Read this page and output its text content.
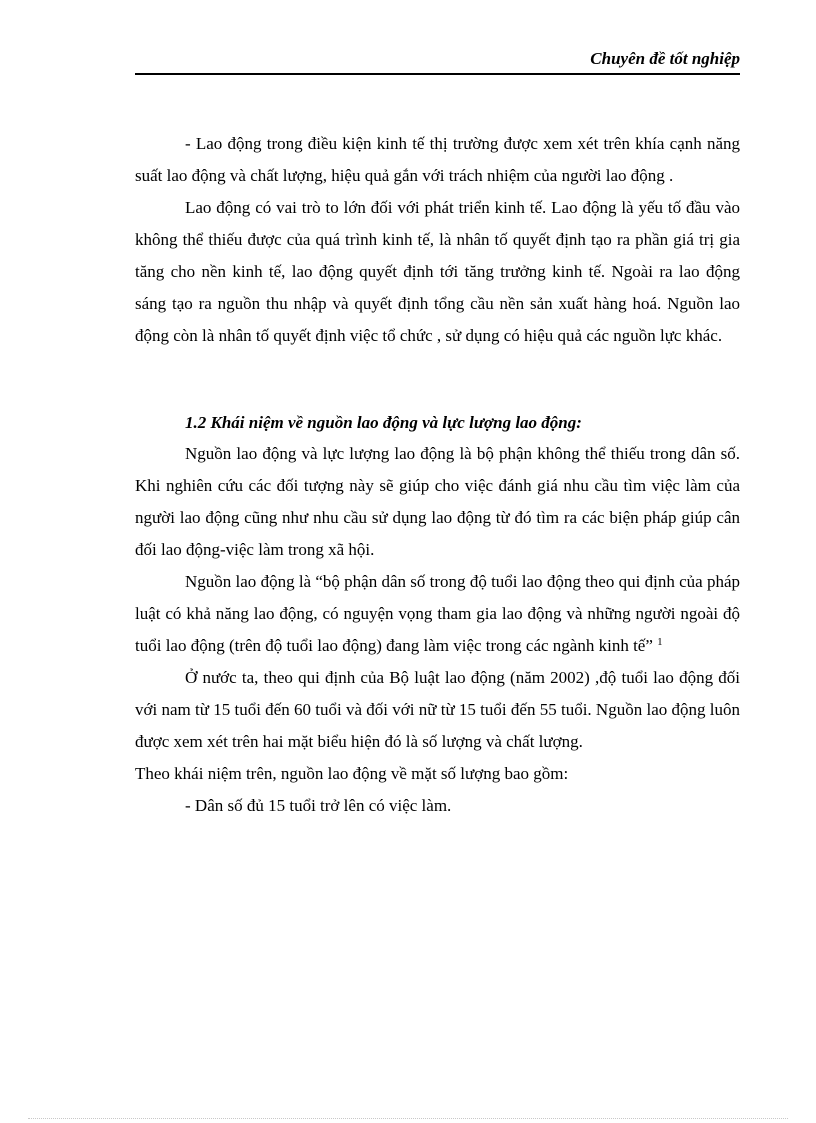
Chuyên đề tốt nghiệp

- Lao động trong điều kiện kinh tế thị trường được xem xét trên khía cạnh năng suất lao động và chất lượng, hiệu quả gắn với trách nhiệm của người lao động .

Lao động có vai trò to lớn đối với phát triển kinh tế. Lao động là yếu tố đầu vào không thể thiếu được của quá trình kinh tế, là nhân tố quyết định tạo ra phần giá trị gia tăng cho nền kinh tế, lao động quyết định tới tăng trưởng kinh tế. Ngoài ra lao động sáng tạo ra nguồn thu nhập và quyết định tổng cầu nền sản xuất hàng hoá. Nguồn lao động còn là nhân tố quyết định việc tổ chức , sử dụng có hiệu quả các nguồn lực khác.

1.2 Khái niệm về nguồn lao động và lực lượng lao động:

Nguồn lao động và lực lượng lao động là bộ phận không thể thiếu trong dân số. Khi nghiên cứu các đối tượng này sẽ giúp cho việc đánh giá nhu cầu tìm việc làm của người lao động cũng như nhu cầu sử dụng lao động từ đó tìm ra các biện pháp giúp cân đối lao động-việc làm trong xã hội.

Nguồn lao động là “bộ phận dân số trong độ tuổi lao động theo qui định của pháp luật có khả năng lao động, có nguyện vọng tham gia lao động và những người ngoài độ tuổi lao động (trên độ tuổi lao động) đang làm việc trong các ngành kinh tế” $^1$

Ở nước ta, theo qui định của Bộ luật lao động (năm 2002) ,độ tuổi lao động đối với nam từ 15 tuổi đến 60 tuổi và đối với nữ từ 15 tuổi đến 55 tuổi. Nguồn lao động luôn được xem xét trên hai mặt biểu hiện đó là số lượng và chất lượng.

Theo khái niệm trên, nguồn lao động về mặt số lượng bao gồm:

- Dân số đủ 15 tuổi trở lên có việc làm.
